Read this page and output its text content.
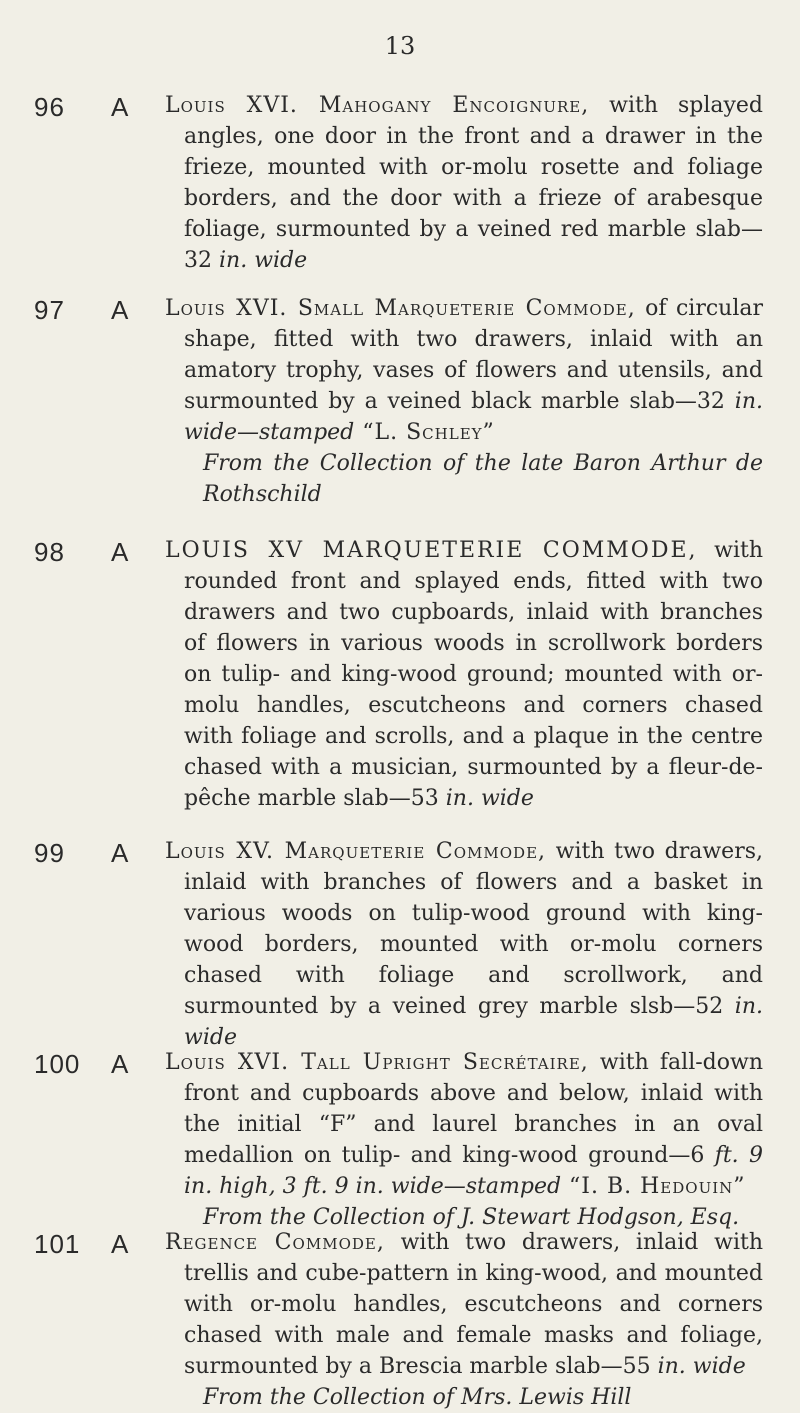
13
96	A Louis XVI. Mahogany Encoignure, with splayed angles, one door in the front and a drawer in the frieze, mounted with or-molu rosette and foliage borders, and the door with a frieze of arabesque foliage, surmounted by a veined red marble slab—32 in. wide
97	A Louis XVI. Small Marqueterie Commode, of circular shape, fitted with two drawers, inlaid with an amatory trophy, vases of flowers and utensils, and surmounted by a veined black marble slab—32 in. wide—stamped “L. Schley”
From the Collection of the late Baron Arthur de Rothschild
98	A LOUIS XV MARQUETERIE COMMODE, with rounded front and splayed ends, fitted with two drawers and two cupboards, inlaid with branches of flowers in various woods in scrollwork borders on tulip- and king-wood ground; mounted with or-molu handles, escutcheons and corners chased with foliage and scrolls, and a plaque in the centre chased with a musician, surmounted by a fleur-de-pêche marble slab—53 in. wide
99	A Louis XV. Marqueterie Commode, with two drawers, inlaid with branches of flowers and a basket in various woods on tulip-wood ground with king-wood borders, mounted with or-molu corners chased with foliage and scrollwork, and surmounted by a veined grey marble slsb—52 in. wide
100	A Louis XVI. Tall Upright Secrétaire, with fall-down front and cupboards above and below, inlaid with the initial “F” and laurel branches in an oval medallion on tulip- and king-wood ground—6 ft. 9 in. high, 3 ft. 9 in. wide—stamped “I. B. Hedouin”
From the Collection of J. Stewart Hodgson, Esq.
101	A Regence Commode, with two drawers, inlaid with trellis and cube-pattern in king-wood, and mounted with or-molu handles, escutcheons and corners chased with male and female masks and foliage, surmounted by a Brescia marble slab—55 in. wide
From the Collection of Mrs. Lewis Hill
